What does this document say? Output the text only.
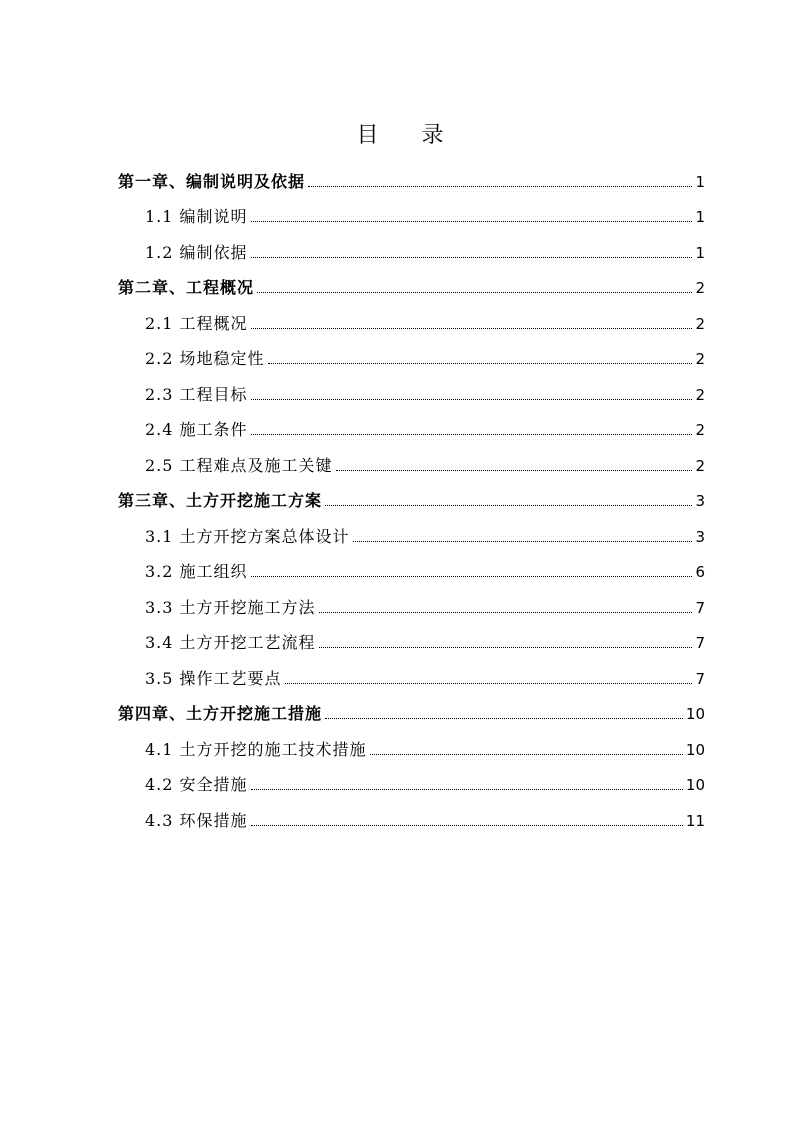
目 录
第一章、编制说明及依据	1
1.1 编制说明	1
1.2 编制依据	1
第二章、工程概况	2
2.1 工程概况	2
2.2 场地稳定性	2
2.3 工程目标	2
2.4 施工条件	2
2.5 工程难点及施工关键	2
第三章、土方开挖施工方案	3
3.1 土方开挖方案总体设计	3
3.2 施工组织	6
3.3 土方开挖施工方法	7
3.4 土方开挖工艺流程	7
3.5 操作工艺要点	7
第四章、土方开挖施工措施	10
4.1 土方开挖的施工技术措施	10
4.2 安全措施	10
4.3 环保措施	11
